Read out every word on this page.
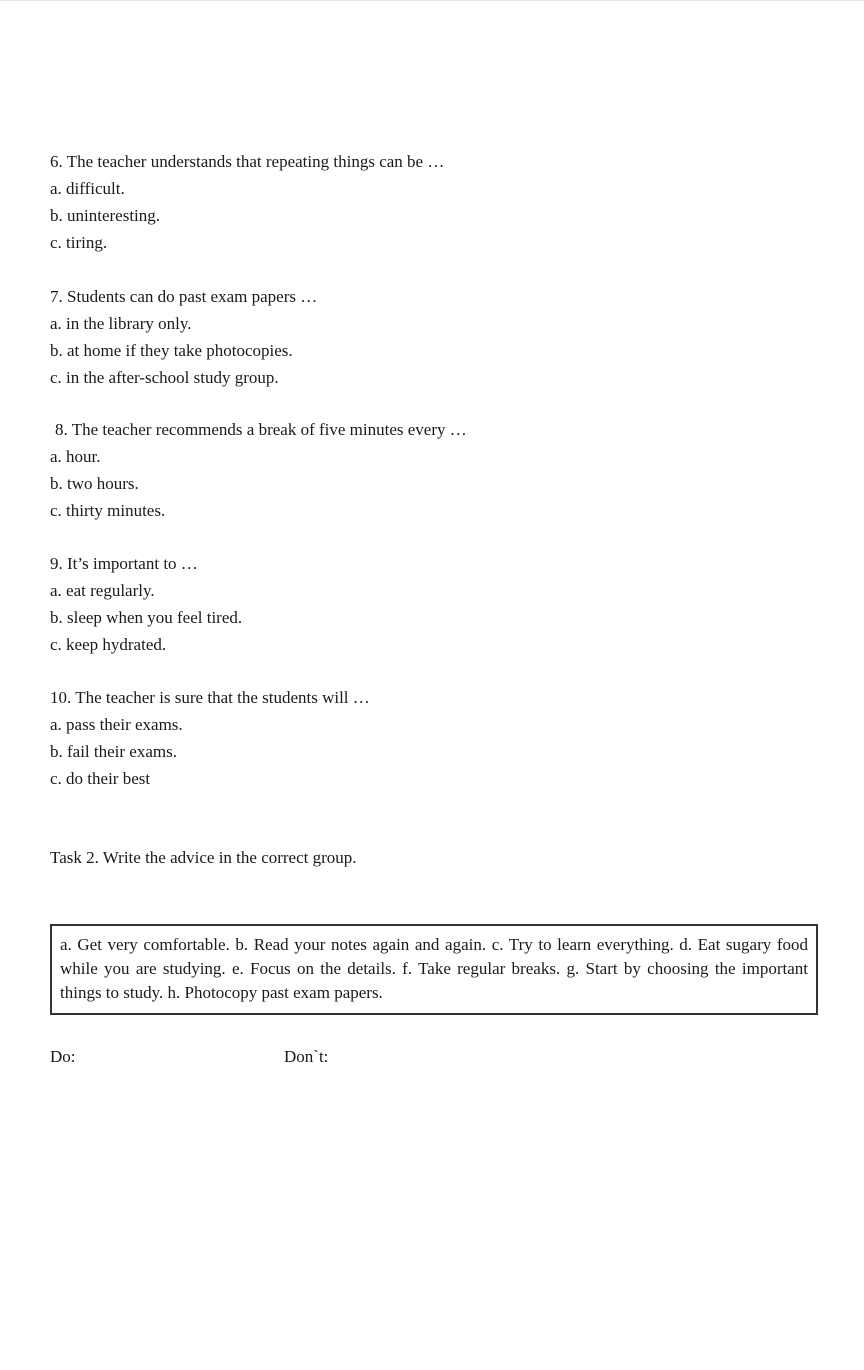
6. The teacher understands that repeating things can be …
a. difficult.
b. uninteresting.
c. tiring.
7. Students can do past exam papers …
a. in the library only.
b. at home if they take photocopies.
c. in the after-school study group.
8. The teacher recommends a break of five minutes every …
a. hour.
b. two hours.
c. thirty minutes.
9. It’s important to …
a. eat regularly.
b. sleep when you feel tired.
c. keep hydrated.
10. The teacher is sure that the students will …
a. pass their exams.
b. fail their exams.
c. do their best
Task 2. Write the advice in the correct group.
a. Get very comfortable. b. Read your notes again and again. c. Try to learn everything. d. Eat sugary food while you are studying. e. Focus on the details. f. Take regular breaks. g. Start by choosing the important things to study. h. Photocopy past exam papers.
Do:	Don`t:
